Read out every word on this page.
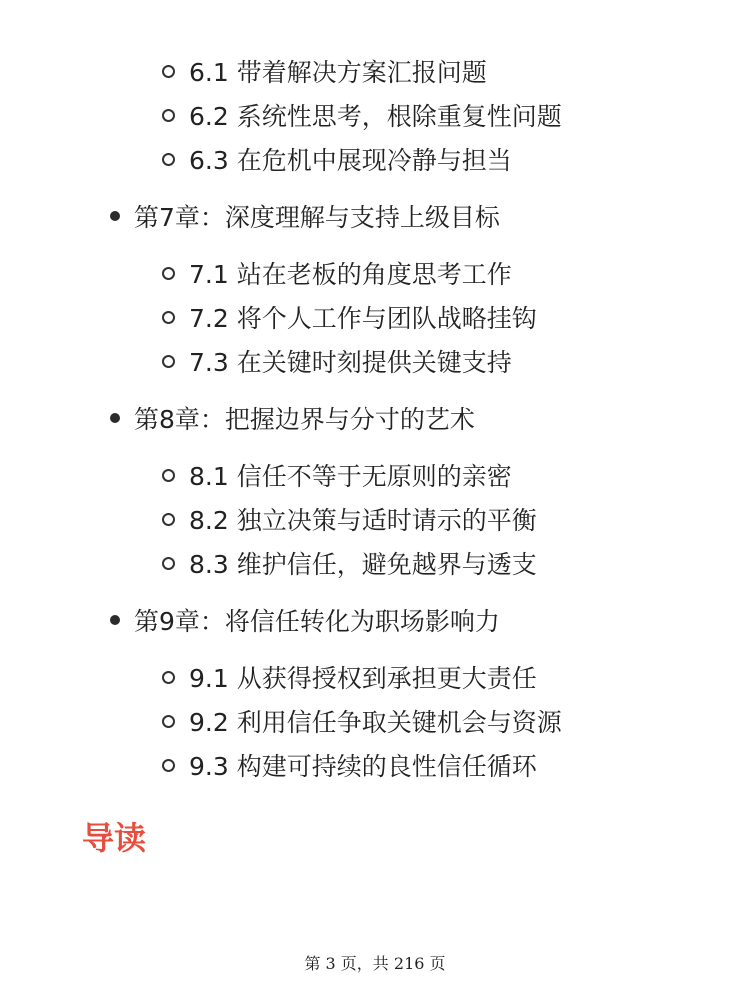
6.1 带着解决方案汇报问题
6.2 系统性思考，根除重复性问题
6.3 在危机中展现冷静与担当
第7章：深度理解与支持上级目标
7.1 站在老板的角度思考工作
7.2 将个人工作与团队战略挂钩
7.3 在关键时刻提供关键支持
第8章：把握边界与分寸的艺术
8.1 信任不等于无原则的亲密
8.2 独立决策与适时请示的平衡
8.3 维护信任，避免越界与透支
第9章：将信任转化为职场影响力
9.1 从获得授权到承担更大责任
9.2 利用信任争取关键机会与资源
9.3 构建可持续的良性信任循环
导读
第 3 页，共 216 页
